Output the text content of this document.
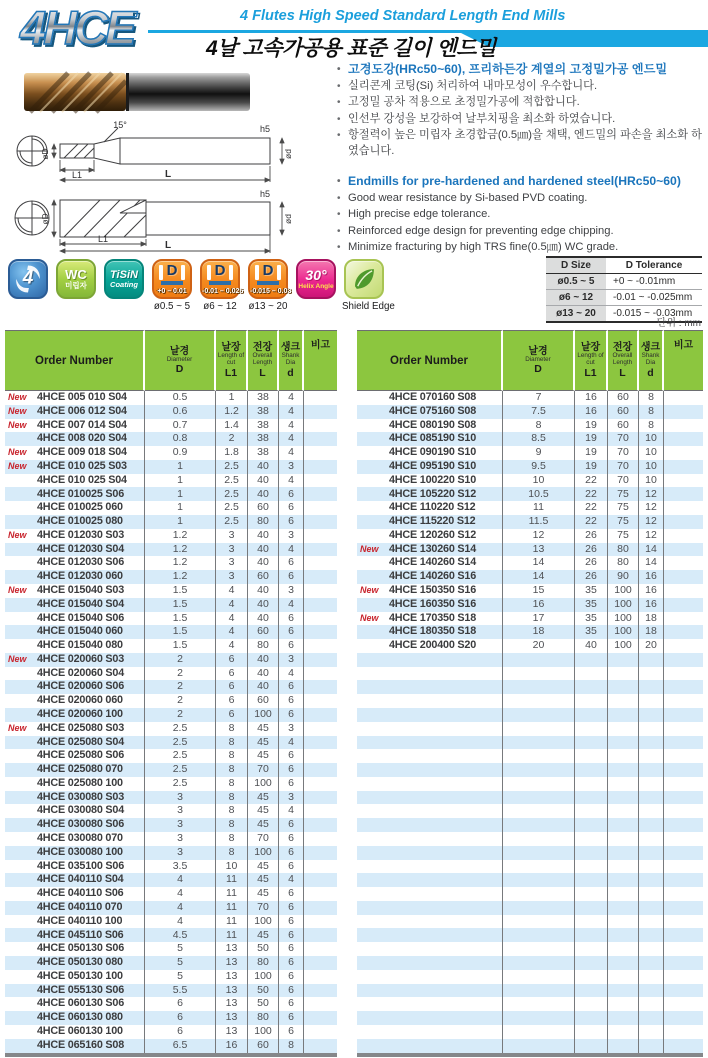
4HCE	4 Flutes High Speed Standard Length End Mills
4날 고속가공용 표준 길이 엔드밀
15°	h5
øD	ød
L1	L
h5
øD	ød
L1
L
• 고경도강(HRc50~60), 프리하든강 계열의 고정밀가공 엔드밀
• 실리콘계 코팅(Si) 처리하여 내마모성이 우수합니다.
• 고정밀 공차 적용으로 초정밀가공에 적합합니다.
• 인선부 강성을 보강하여 날부치핑을 최소화 하였습니다.
• 항절력이 높은 미립자 초경합금(0.5㎛)을 채택, 엔드밀의 파손을 최소화 하였습니다.
• Endmills for pre-hardened and hardened steel(HRc50~60)
• Good wear resistance by Si-based PVD coating.
• High precise edge tolerance.
• Reinforced edge design for preventing edge chipping.
• Minimize fracturing by high TRS fine(0.5㎛) WC grade.
4 WC
미립자
TiSiN
Coating
D
+0 – 0.01
ø0.5 ~ 5
D
-0.01 – 0.025
ø6 ~ 12
D
-0.015 – 0.03
ø13 ~ 20
30°
Helix Angle
Shield Edge
D Size	D Tolerance
ø0.5 ~ 5	+0 ~ -0.01mm
ø6 ~ 12	-0.01 ~ -0.025mm
ø13 ~ 20	-0.015 ~ -0.03mm
단위 : mm
Order Number	
날경
Diameter
D

날장
Length of cut
L1

전장
Overall Length
L

생크
Shank Dia
d
	비고
New 4HCE 005 010 S04	0.5	1	38	4	
New 4HCE 006 012 S04	0.6	1.2	38	4	
New 4HCE 007 014 S04	0.7	1.4	38	4	
4HCE 008 020 S04	0.8	2	38	4	
New 4HCE 009 018 S04	0.9	1.8	38	4	
New 4HCE 010 025 S03	1	2.5	40	3	
4HCE 010 025 S04	1	2.5	40	4	
4HCE 010025 S06	1	2.5	40	6	
4HCE 010025 060	1	2.5	60	6	
4HCE 010025 080	1	2.5	80	6	
New 4HCE 012030 S03	1.2	3	40	3	
4HCE 012030 S04	1.2	3	40	4	
4HCE 012030 S06	1.2	3	40	6	
4HCE 012030 060	1.2	3	60	6	
New 4HCE 015040 S03	1.5	4	40	3	
4HCE 015040 S04	1.5	4	40	4	
4HCE 015040 S06	1.5	4	40	6	
4HCE 015040 060	1.5	4	60	6	
4HCE 015040 080	1.5	4	80	6	
New 4HCE 020060 S03	2	6	40	3	
4HCE 020060 S04	2	6	40	4	
4HCE 020060 S06	2	6	40	6	
4HCE 020060 060	2	6	60	6	
4HCE 020060 100	2	6	100	6	
New 4HCE 025080 S03	2.5	8	45	3	
4HCE 025080 S04	2.5	8	45	4	
4HCE 025080 S06	2.5	8	45	6	
4HCE 025080 070	2.5	8	70	6	
4HCE 025080 100	2.5	8	100	6	
4HCE 030080 S03	3	8	45	3	
4HCE 030080 S04	3	8	45	4	
4HCE 030080 S06	3	8	45	6	
4HCE 030080 070	3	8	70	6	
4HCE 030080 100	3	8	100	6	
4HCE 035100 S06	3.5	10	45	6	
4HCE 040110 S04	4	11	45	4	
4HCE 040110 S06	4	11	45	6	
4HCE 040110 070	4	11	70	6	
4HCE 040110 100	4	11	100	6	
4HCE 045110 S06	4.5	11	45	6	
4HCE 050130 S06	5	13	50	6	
4HCE 050130 080	5	13	80	6	
4HCE 050130 100	5	13	100	6	
4HCE 055130 S06	5.5	13	50	6	
4HCE 060130 S06	6	13	50	6	
4HCE 060130 080	6	13	80	6	
4HCE 060130 100	6	13	100	6	
4HCE 065160 S08	6.5	16	60	8	
Order Number	
날경
Diameter
D

날장
Length of cut
L1

전장
Overall Length
L

생크
Shank Dia
d
	비고
4HCE 070160 S08	7	16	60	8	
4HCE 075160 S08	7.5	16	60	8	
4HCE 080190 S08	8	19	60	8	
4HCE 085190 S10	8.5	19	70	10	
4HCE 090190 S10	9	19	70	10	
4HCE 095190 S10	9.5	19	70	10	
4HCE 100220 S10	10	22	70	10	
4HCE 105220 S12	10.5	22	75	12	
4HCE 110220 S12	11	22	75	12	
4HCE 115220 S12	11.5	22	75	12	
4HCE 120260 S12	12	26	75	12	
New 4HCE 130260 S14	13	26	80	14	
4HCE 140260 S14	14	26	80	14	
4HCE 140260 S16	14	26	90	16	
New 4HCE 150350 S16	15	35	100	16	
4HCE 160350 S16	16	35	100	16	
New 4HCE 170350 S18	17	35	100	18	
4HCE 180350 S18	18	35	100	18	
4HCE 200400 S20	20	40	100	20	
